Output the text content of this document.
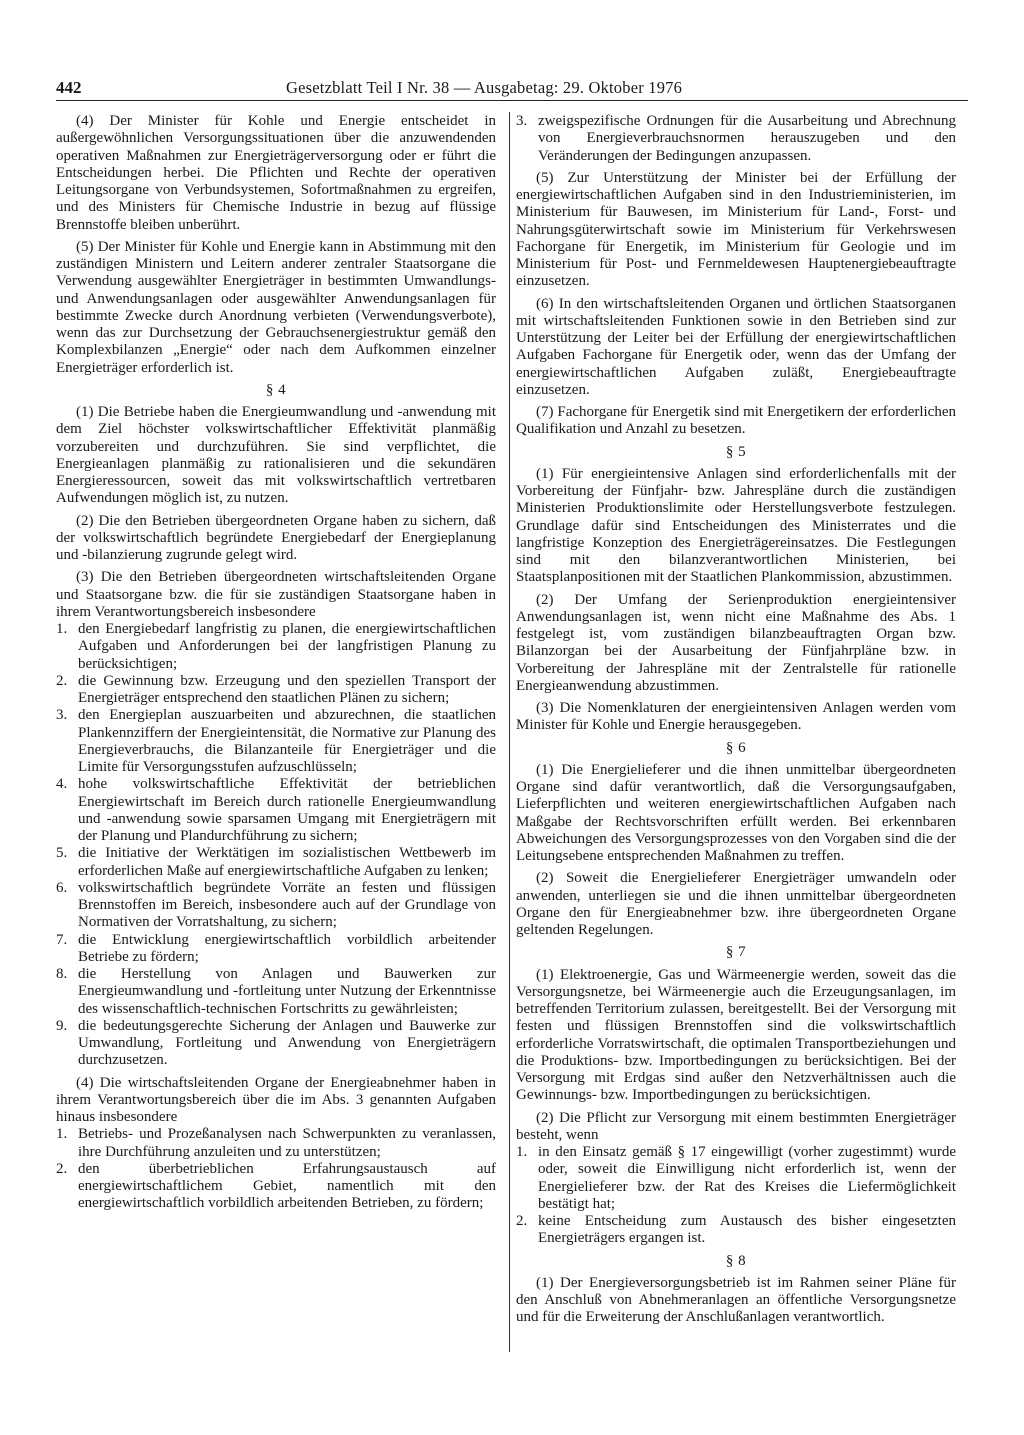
442	Gesetzblatt Teil I Nr. 38 — Ausgabetag: 29. Oktober 1976

(4) Der Minister für Kohle und Energie entscheidet in außergewöhnlichen Versorgungssituationen über die anzuwendenden operativen Maßnahmen zur Energieträgerversorgung oder er führt die Entscheidungen herbei. Die Pflichten und Rechte der operativen Leitungsorgane von Verbundsystemen, Sofortmaßnahmen zu ergreifen, und des Ministers für Chemische Industrie in bezug auf flüssige Brennstoffe bleiben unberührt.

(5) Der Minister für Kohle und Energie kann in Abstimmung mit den zuständigen Ministern und Leitern anderer zentraler Staatsorgane die Verwendung ausgewählter Energieträger in bestimmten Umwandlungs- und Anwendungsanlagen oder ausgewählter Anwendungsanlagen für bestimmte Zwecke durch Anordnung verbieten (Verwendungsverbote), wenn das zur Durchsetzung der Gebrauchsenergiestruktur gemäß den Komplexbilanzen „Energie“ oder nach dem Aufkommen einzelner Energieträger erforderlich ist.

§ 4

(1) Die Betriebe haben die Energieumwandlung und -anwendung mit dem Ziel höchster volkswirtschaftlicher Effektivität planmäßig vorzubereiten und durchzuführen. Sie sind verpflichtet, die Energieanlagen planmäßig zu rationalisieren und die sekundären Energieressourcen, soweit das mit volkswirtschaftlich vertretbaren Aufwendungen möglich ist, zu nutzen.

(2) Die den Betrieben übergeordneten Organe haben zu sichern, daß der volkswirtschaftlich begründete Energiebedarf der Energieplanung und -bilanzierung zugrunde gelegt wird.

(3) Die den Betrieben übergeordneten wirtschaftsleitenden Organe und Staatsorgane bzw. die für sie zuständigen Staatsorgane haben in ihrem Verantwortungsbereich insbesondere

1. den Energiebedarf langfristig zu planen, die energiewirtschaftlichen Aufgaben und Anforderungen bei der langfristigen Planung zu berücksichtigen;
2. die Gewinnung bzw. Erzeugung und den speziellen Transport der Energieträger entsprechend den staatlichen Plänen zu sichern;
3. den Energieplan auszuarbeiten und abzurechnen, die staatlichen Plankennziffern der Energieintensität, die Normative zur Planung des Energieverbrauchs, die Bilanzanteile für Energieträger und die Limite für Versorgungsstufen aufzuschlüsseln;
4. hohe volkswirtschaftliche Effektivität der betrieblichen Energiewirtschaft im Bereich durch rationelle Energieumwandlung und -anwendung sowie sparsamen Umgang mit Energieträgern mit der Planung und Plandurchführung zu sichern;
5. die Initiative der Werktätigen im sozialistischen Wettbewerb im erforderlichen Maße auf energiewirtschaftliche Aufgaben zu lenken;
6. volkswirtschaftlich begründete Vorräte an festen und flüssigen Brennstoffen im Bereich, insbesondere auch auf der Grundlage von Normativen der Vorratshaltung, zu sichern;
7. die Entwicklung energiewirtschaftlich vorbildlich arbeitender Betriebe zu fördern;
8. die Herstellung von Anlagen und Bauwerken zur Energieumwandlung und -fortleitung unter Nutzung der Erkenntnisse des wissenschaftlich-technischen Fortschritts zu gewährleisten;
9. die bedeutungsgerechte Sicherung der Anlagen und Bauwerke zur Umwandlung, Fortleitung und Anwendung von Energieträgern durchzusetzen.

(4) Die wirtschaftsleitenden Organe der Energieabnehmer haben in ihrem Verantwortungsbereich über die im Abs. 3 genannten Aufgaben hinaus insbesondere

1. Betriebs- und Prozeßanalysen nach Schwerpunkten zu veranlassen, ihre Durchführung anzuleiten und zu unterstützen;
2. den überbetrieblichen Erfahrungsaustausch auf energiewirtschaftlichem Gebiet, namentlich mit den energiewirtschaftlich vorbildlich arbeitenden Betrieben, zu fördern;
3. zweigspezifische Ordnungen für die Ausarbeitung und Abrechnung von Energieverbrauchsnormen herauszugeben und den Veränderungen der Bedingungen anzupassen.

(5) Zur Unterstützung der Minister bei der Erfüllung der energiewirtschaftlichen Aufgaben sind in den Industrieministerien, im Ministerium für Bauwesen, im Ministerium für Land-, Forst- und Nahrungsgüterwirtschaft sowie im Ministerium für Verkehrswesen Fachorgane für Energetik, im Ministerium für Geologie und im Ministerium für Post- und Fernmeldewesen Hauptenergiebeauftragte einzusetzen.

(6) In den wirtschaftsleitenden Organen und örtlichen Staatsorganen mit wirtschaftsleitenden Funktionen sowie in den Betrieben sind zur Unterstützung der Leiter bei der Erfüllung der energiewirtschaftlichen Aufgaben Fachorgane für Energetik oder, wenn das der Umfang der energiewirtschaftlichen Aufgaben zuläßt, Energiebeauftragte einzusetzen.

(7) Fachorgane für Energetik sind mit Energetikern der erforderlichen Qualifikation und Anzahl zu besetzen.

§ 5

(1) Für energieintensive Anlagen sind erforderlichenfalls mit der Vorbereitung der Fünfjahr- bzw. Jahrespläne durch die zuständigen Ministerien Produktionslimite oder Herstellungsverbote festzulegen. Grundlage dafür sind Entscheidungen des Ministerrates und die langfristige Konzeption des Energieträgereinsatzes. Die Festlegungen sind mit den bilanzverantwortlichen Ministerien, bei Staatsplanpositionen mit der Staatlichen Plankommission, abzustimmen.

(2) Der Umfang der Serienproduktion energieintensiver Anwendungsanlagen ist, wenn nicht eine Maßnahme des Abs. 1 festgelegt ist, vom zuständigen bilanzbeauftragten Organ bzw. Bilanzorgan bei der Ausarbeitung der Fünfjahrpläne bzw. in Vorbereitung der Jahrespläne mit der Zentralstelle für rationelle Energieanwendung abzustimmen.

(3) Die Nomenklaturen der energieintensiven Anlagen werden vom Minister für Kohle und Energie herausgegeben.

§ 6

(1) Die Energielieferer und die ihnen unmittelbar übergeordneten Organe sind dafür verantwortlich, daß die Versorgungsaufgaben, Lieferpflichten und weiteren energiewirtschaftlichen Aufgaben nach Maßgabe der Rechtsvorschriften erfüllt werden. Bei erkennbaren Abweichungen des Versorgungsprozesses von den Vorgaben sind die der Leitungsebene entsprechenden Maßnahmen zu treffen.

(2) Soweit die Energielieferer Energieträger umwandeln oder anwenden, unterliegen sie und die ihnen unmittelbar übergeordneten Organe den für Energieabnehmer bzw. ihre übergeordneten Organe geltenden Regelungen.

§ 7

(1) Elektroenergie, Gas und Wärmeenergie werden, soweit das die Versorgungsnetze, bei Wärmeenergie auch die Erzeugungsanlagen, im betreffenden Territorium zulassen, bereitgestellt. Bei der Versorgung mit festen und flüssigen Brennstoffen sind die volkswirtschaftlich erforderliche Vorratswirtschaft, die optimalen Transportbeziehungen und die Produktions- bzw. Importbedingungen zu berücksichtigen. Bei der Versorgung mit Erdgas sind außer den Netzverhältnissen auch die Gewinnungs- bzw. Importbedingungen zu berücksichtigen.

(2) Die Pflicht zur Versorgung mit einem bestimmten Energieträger besteht, wenn

1. in den Einsatz gemäß § 17 eingewilligt (vorher zugestimmt) wurde oder, soweit die Einwilligung nicht erforderlich ist, wenn der Energielieferer bzw. der Rat des Kreises die Liefermöglichkeit bestätigt hat;
2. keine Entscheidung zum Austausch des bisher eingesetzten Energieträgers ergangen ist.

§ 8

(1) Der Energieversorgungsbetrieb ist im Rahmen seiner Pläne für den Anschluß von Abnehmeranlagen an öffentliche Versorgungsnetze und für die Erweiterung der Anschlußanlagen verantwortlich.
